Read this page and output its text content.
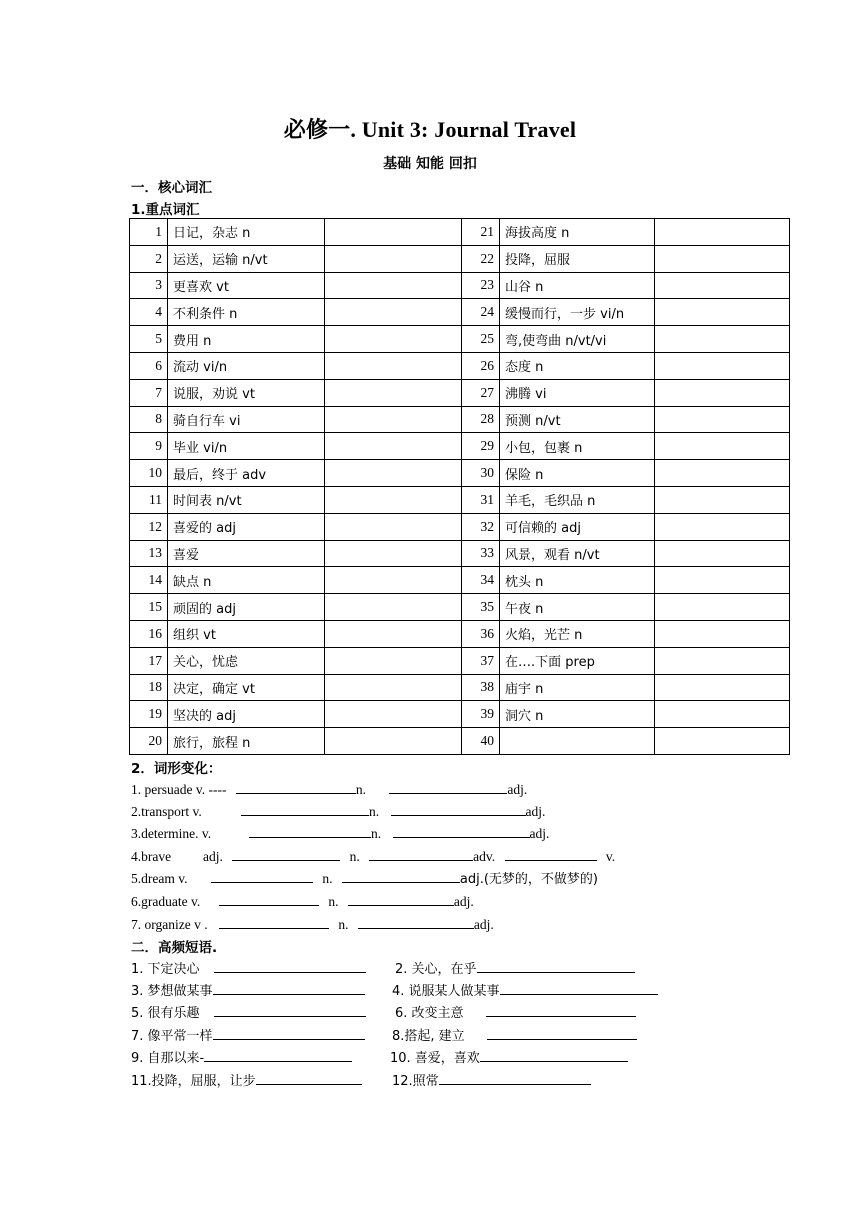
必修一. Unit 3: Journal Travel
基础 知能 回扣
一．核心词汇
1.重点词汇
1	日记，杂志 n		21	海拔高度 n	
2	运送，运输 n/vt		22	投降，屈服	
3	更喜欢 vt		23	山谷 n	
4	不利条件 n		24	缓慢而行，一步 vi/n	
5	费用 n		25	弯,使弯曲 n/vt/vi	
6	流动 vi/n		26	态度 n	
7	说服，劝说 vt		27	沸腾 vi	
8	骑自行车 vi		28	预测 n/vt	
9	毕业 vi/n		29	小包，包裹 n	
10	最后，终于 adv		30	保险 n	
11	时间表 n/vt		31	羊毛，毛织品 n	
12	喜爱的 adj		32	可信赖的 adj	
13	喜爱		33	风景，观看 n/vt	
14	缺点 n		34	枕头 n	
15	顽固的 adj		35	午夜 n	
16	组织 vt		36	火焰，光芒 n	
17	关心，忧虑		37	在….下面 prep	
18	决定，确定 vt		38	庙宇 n	
19	坚决的 adj		39	洞穴 n	
20	旅行，旅程 n		40		
2．词形变化：
1. persuade v. ----	n.	adj.
2.transport v.	n.	adj.
3.determine. v.	n.	adj.
4.brave adj.	n.	adv.	v.
5.dream v.	n.	adj.(无梦的，不做梦的)
6.graduate v.	n.	adj.
7. organize v .	n.	adj.
二．高频短语.
1. 下定决心	2. 关心，在乎
3. 梦想做某事	4. 说服某人做某事
5. 很有乐趣	6. 改变主意
7. 像平常一样	8.搭起, 建立
9. 自那以来-	10. 喜爱，喜欢
11.投降，屈服，让步	12.照常
